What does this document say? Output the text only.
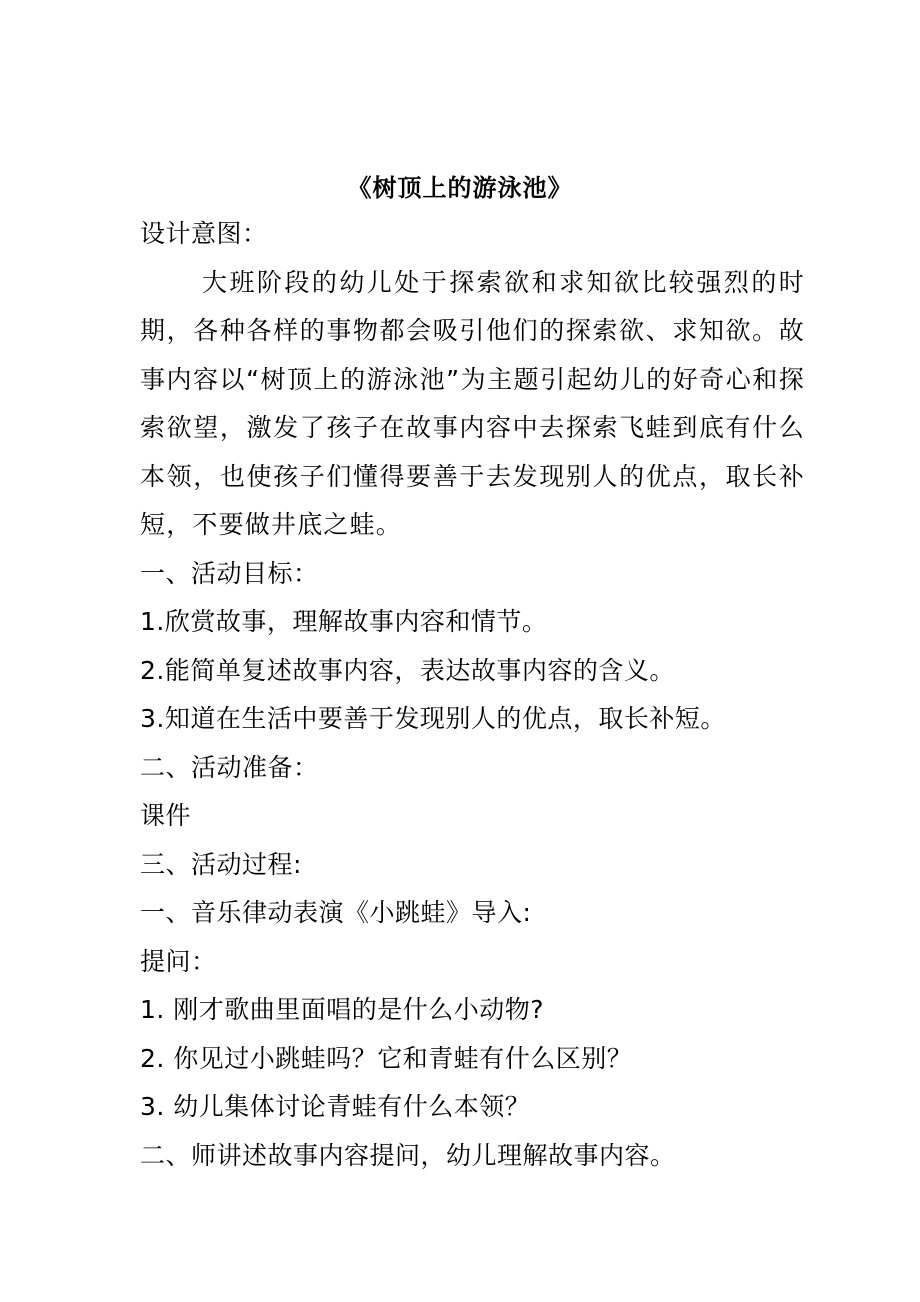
《树顶上的游泳池》
设计意图：
大班阶段的幼儿处于探索欲和求知欲比较强烈的时期，各种各样的事物都会吸引他们的探索欲、求知欲。故事内容以“树顶上的游泳池”为主题引起幼儿的好奇心和探索欲望，激发了孩子在故事内容中去探索飞蛙到底有什么本领，也使孩子们懂得要善于去发现别人的优点，取长补短，不要做井底之蛙。
一、活动目标：
1.欣赏故事，理解故事内容和情节。
2.能简单复述故事内容，表达故事内容的含义。
3.知道在生活中要善于发现别人的优点，取长补短。
二、活动准备：
课件
三、活动过程:
一、音乐律动表演《小跳蛙》导入:
提问：
1. 刚才歌曲里面唱的是什么小动物?
2. 你见过小跳蛙吗？它和青蛙有什么区别？
3. 幼儿集体讨论青蛙有什么本领？
二、师讲述故事内容提问，幼儿理解故事内容。
